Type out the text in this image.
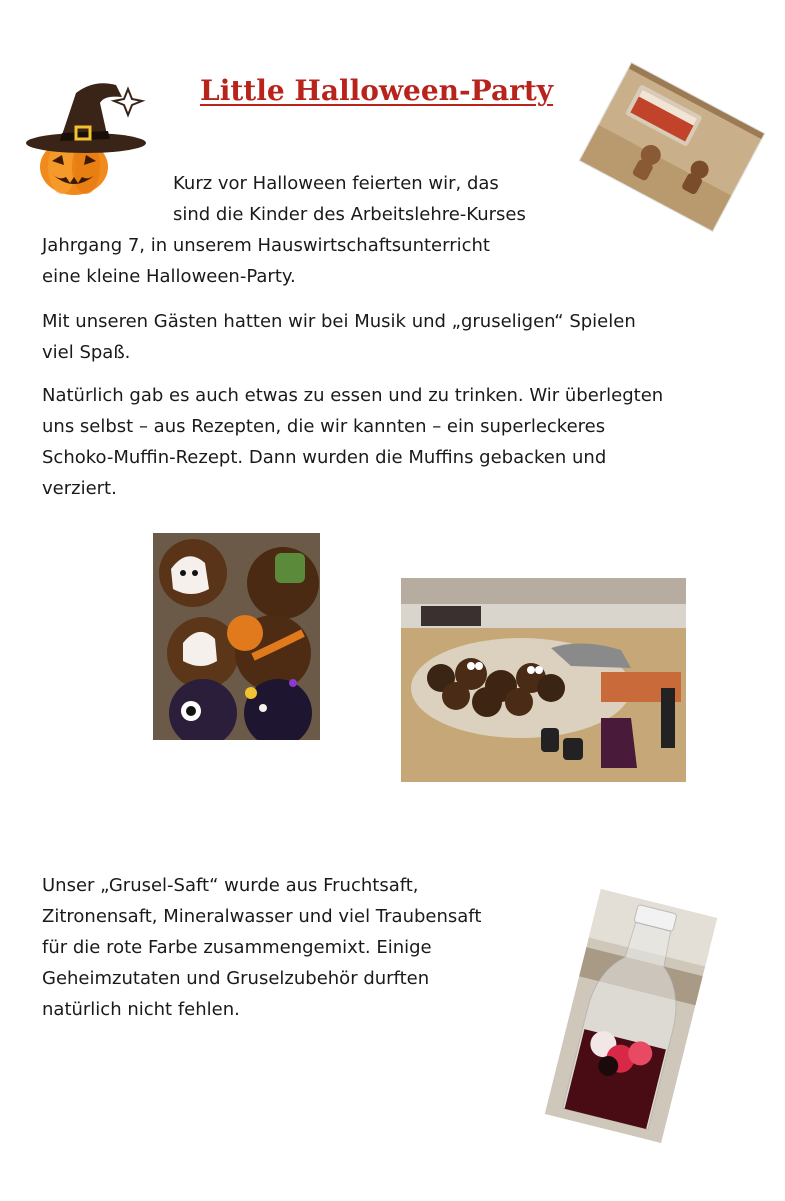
Little Halloween-Party

Kurz vor Halloween feierten wir, das
sind die Kinder des Arbeitslehre-Kurses
Jahrgang 7, in unserem Hauswirtschaftsunterricht
eine kleine Halloween-Party.

Mit unseren Gästen hatten wir bei Musik und „gruseligen“ Spielen
viel Spaß.

Natürlich gab es auch etwas zu essen und zu trinken. Wir überlegten
uns selbst – aus Rezepten, die wir kannten – ein superleckeres
Schoko-Muffin-Rezept. Dann wurden die Muffins gebacken und
verziert.

Unser „Grusel-Saft“ wurde aus Fruchtsaft,
Zitronensaft, Mineralwasser und viel Traubensaft
für die rote Farbe zusammengemixt. Einige
Geheimzutaten und Gruselzubehör durften
natürlich nicht fehlen.
